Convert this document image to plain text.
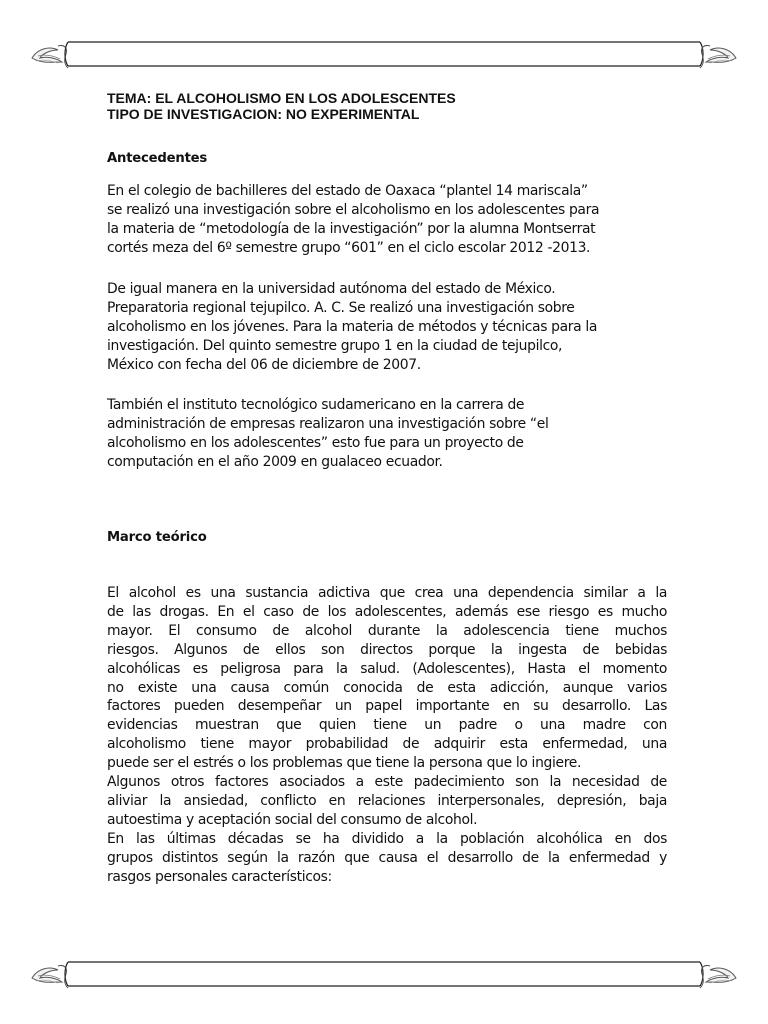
TEMA: EL ALCOHOLISMO EN LOS ADOLESCENTES
TIPO DE INVESTIGACION: NO EXPERIMENTAL
Antecedentes

En el colegio de bachilleres del estado de Oaxaca “plantel 14 mariscala”
se realizó una investigación sobre el alcoholismo en los adolescentes para
la materia de “metodología de la investigación” por la alumna Montserrat
cortés meza del 6º semestre grupo “601” en el ciclo escolar 2012 -2013.

De igual manera en la universidad autónoma del estado de México.
Preparatoria regional tejupilco. A. C. Se realizó una investigación sobre
alcoholismo en los jóvenes. Para la materia de métodos y técnicas para la
investigación. Del quinto semestre grupo 1 en la ciudad de tejupilco,
México con fecha del 06 de diciembre de 2007.

También el instituto tecnológico sudamericano en la carrera de
administración de empresas realizaron una investigación sobre “el
alcoholismo en los adolescentes” esto fue para un proyecto de
computación en el año 2009 en gualaceo ecuador.

Marco teórico

El alcohol es una sustancia adictiva que crea una dependencia similar a la
de las drogas. En el caso de los adolescentes, además ese riesgo es mucho
mayor. El consumo de alcohol durante la adolescencia tiene muchos
riesgos. Algunos de ellos son directos porque la ingesta de bebidas
alcohólicas es peligrosa para la salud. (Adolescentes), Hasta el momento
no existe una causa común conocida de esta adicción, aunque varios
factores pueden desempeñar un papel importante en su desarrollo. Las
evidencias muestran que quien tiene un padre o una madre con
alcoholismo tiene mayor probabilidad de adquirir esta enfermedad, una
puede ser el estrés o los problemas que tiene la persona que lo ingiere.
Algunos otros factores asociados a este padecimiento son la necesidad de
aliviar la ansiedad, conflicto en relaciones interpersonales, depresión, baja
autoestima y aceptación social del consumo de alcohol.
En las últimas décadas se ha dividido a la población alcohólica en dos
grupos distintos según la razón que causa el desarrollo de la enfermedad y
rasgos personales característicos:
